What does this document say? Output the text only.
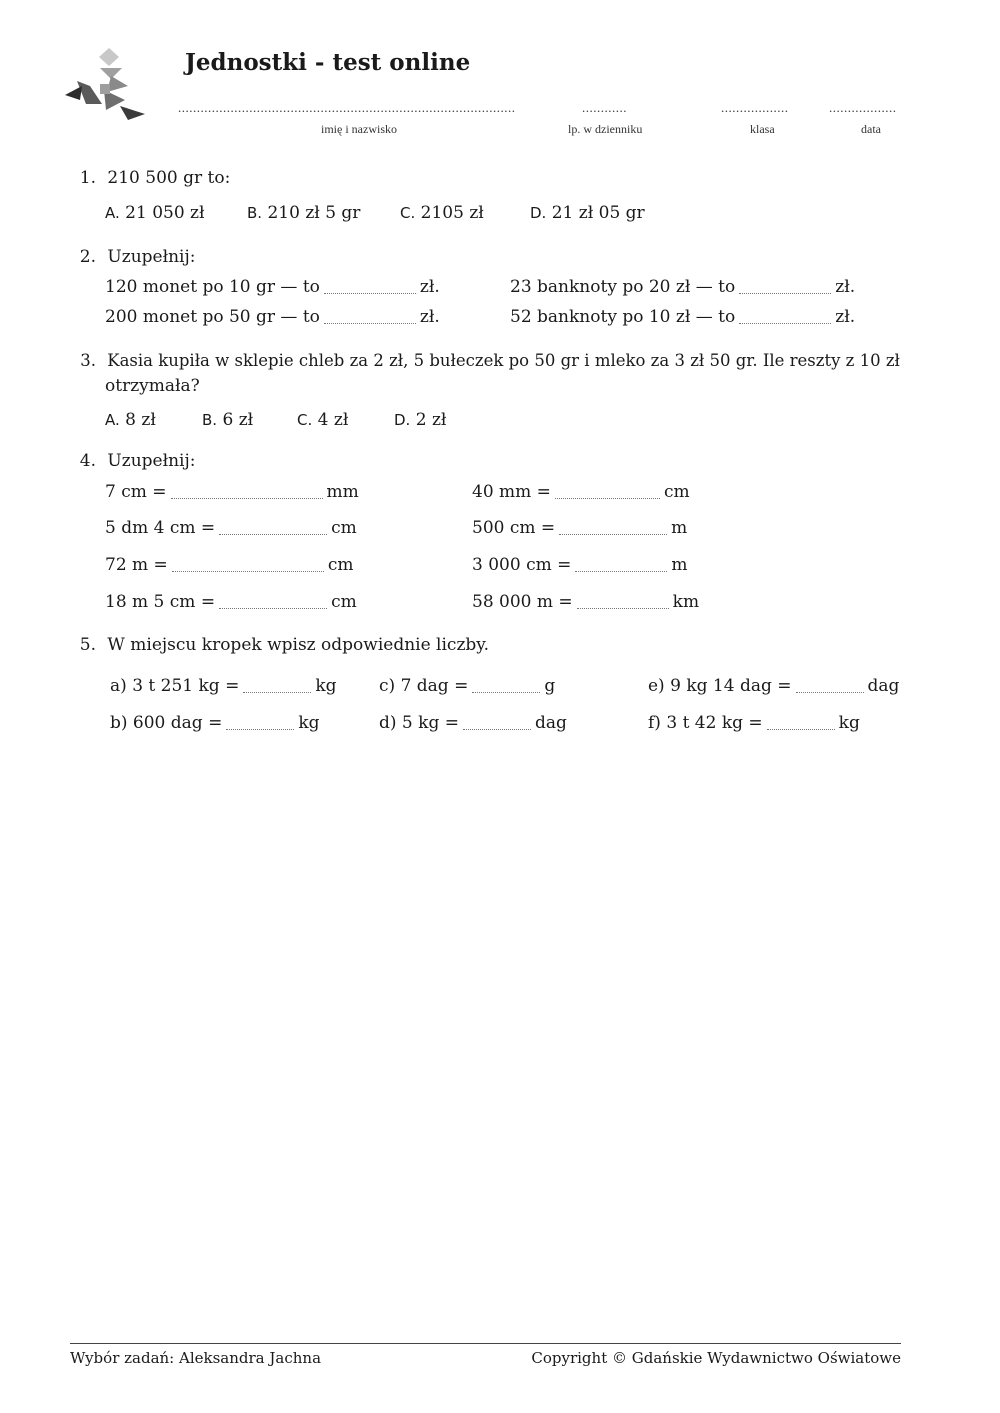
Jednostki - test online
..........................................................................................	............	..................	..................
imię i nazwisko	lp. w dzienniku	klasa	data
1. 210 500 gr to:
A. 21 050 zł	B. 210 zł 5 gr	C. 2105 zł	D. 21 zł 05 gr
2. Uzupełnij:
120 monet po 10 gr — to	zł.	23 banknoty po 20 zł — to	zł.
200 monet po 50 gr — to	zł.	52 banknoty po 10 zł — to	zł.
3. Kasia kupiła w sklepie chleb za 2 zł, 5 bułeczek po 50 gr i mleko za 3 zł 50 gr. Ile reszty z 10 zł
otrzymała?
A. 8 zł	B. 6 zł	C. 4 zł	D. 2 zł
4. Uzupełnij:
7 cm =	mm	40 mm =	cm
5 dm 4 cm =	cm	500 cm =	m
72 m =	cm	3 000 cm =	m
18 m 5 cm =	cm	58 000 m =	km
5. W miejscu kropek wpisz odpowiednie liczby.
a) 3 t 251 kg =	kg c) 7 dag =	g	e) 9 kg 14 dag =	dag
b) 600 dag =	kg	d) 5 kg =	dag	f) 3 t 42 kg =	kg
Wybór zadań: Aleksandra Jachna	Copyright © Gdańskie Wydawnictwo Oświatowe
